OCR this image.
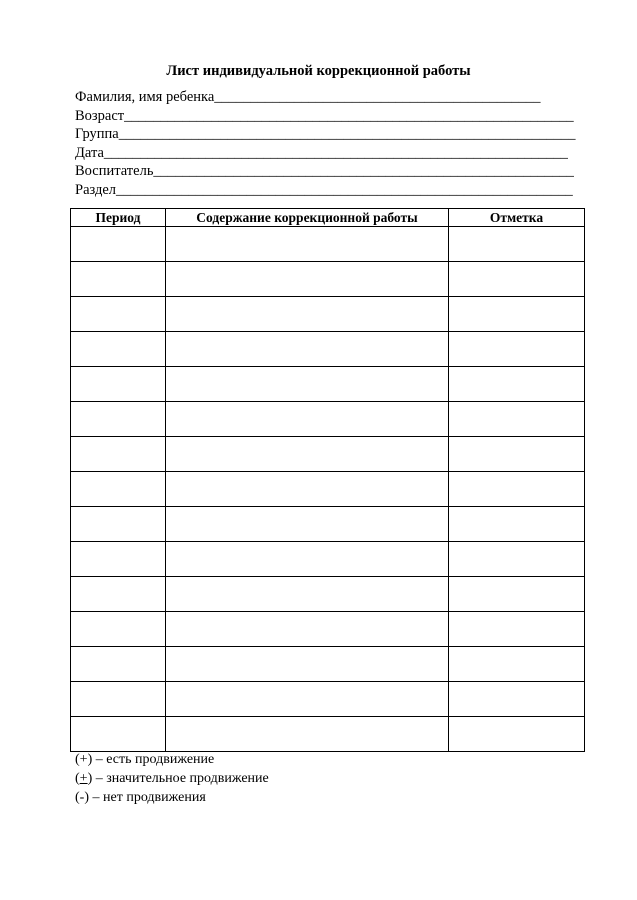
Лист индивидуальной коррекционной работы
Фамилия, имя ребенка_____________________________________________
Возраст______________________________________________________________
Группа_______________________________________________________________
Дата________________________________________________________________
Воспитатель__________________________________________________________
Раздел_______________________________________________________________
Период	Содержание коррекционной работы	Отметка

(+) – есть продвижение
(+) – значительное продвижение
(-) – нет продвижения
